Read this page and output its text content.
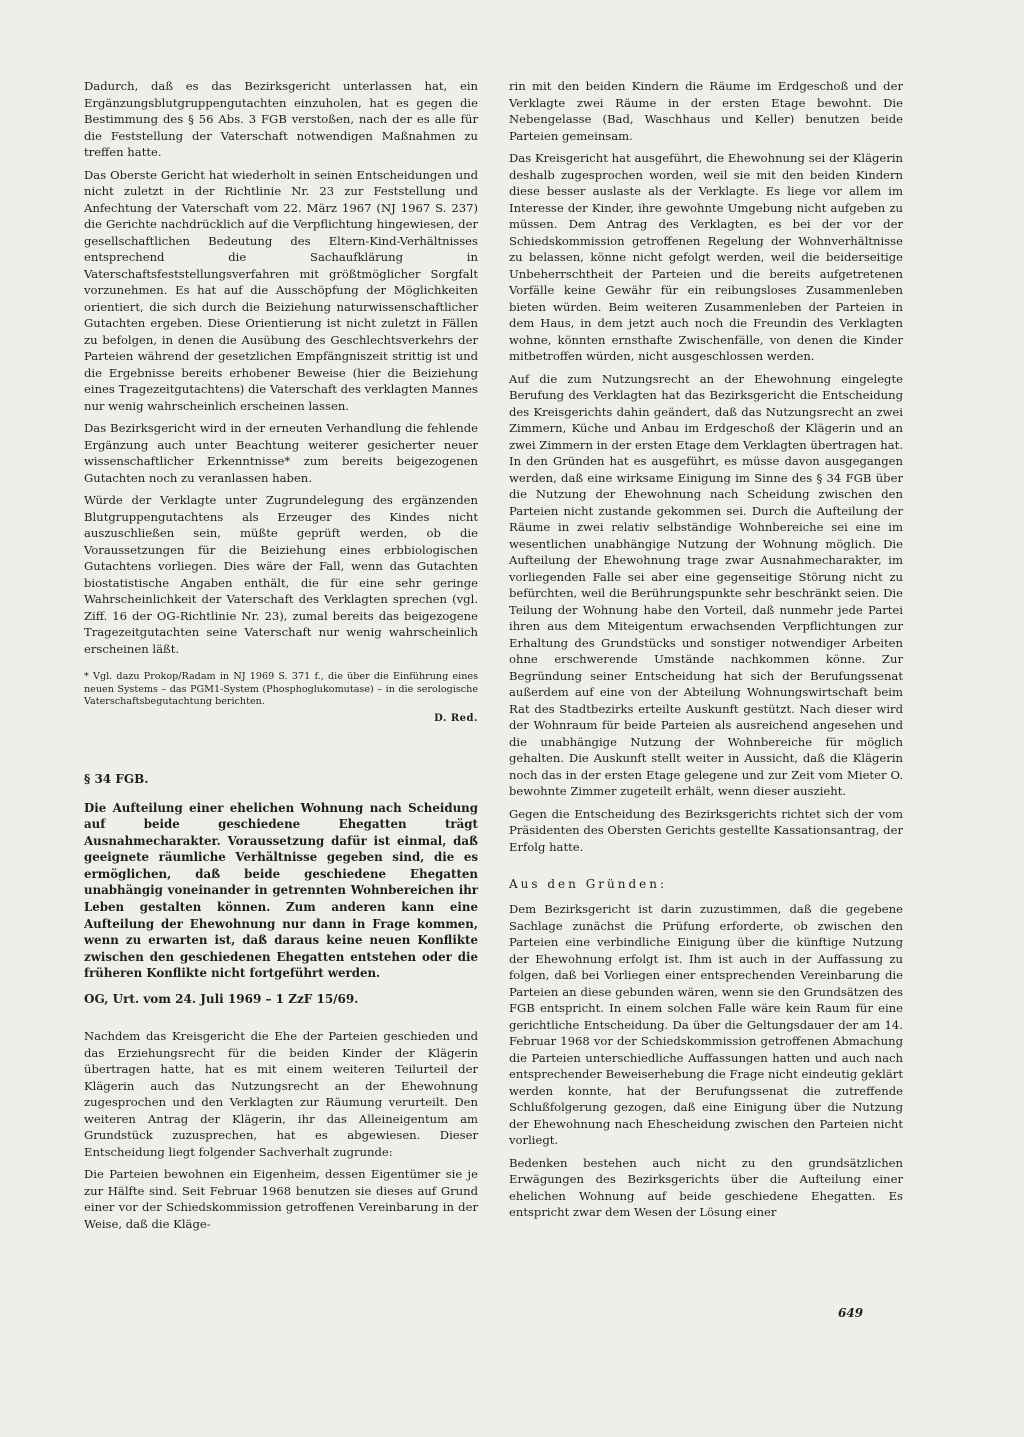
Dadurch, daß es das Bezirksgericht unterlassen hat, ein Ergänzungsblutgruppengutachten einzuholen, hat es gegen die Bestimmung des § 56 Abs. 3 FGB verstoßen, nach der es alle für die Feststellung der Vaterschaft notwendigen Maßnahmen zu treffen hatte.

Das Oberste Gericht hat wiederholt in seinen Entscheidungen und nicht zuletzt in der Richtlinie Nr. 23 zur Feststellung und Anfechtung der Vaterschaft vom 22. März 1967 (NJ 1967 S. 237) die Gerichte nachdrücklich auf die Verpflichtung hingewiesen, der gesellschaftlichen Bedeutung des Eltern-Kind-Verhältnisses entsprechend die Sachaufklärung in Vaterschaftsfeststellungsverfahren mit größtmöglicher Sorgfalt vorzunehmen. Es hat auf die Ausschöpfung der Möglichkeiten orientiert, die sich durch die Beiziehung naturwissenschaftlicher Gutachten ergeben. Diese Orientierung ist nicht zuletzt in Fällen zu befolgen, in denen die Ausübung des Geschlechtsverkehrs der Parteien während der gesetzlichen Empfängniszeit strittig ist und die Ergebnisse bereits erhobener Beweise (hier die Beiziehung eines Tragezeitgutachtens) die Vaterschaft des verklagten Mannes nur wenig wahrscheinlich erscheinen lassen.

Das Bezirksgericht wird in der erneuten Verhandlung die fehlende Ergänzung auch unter Beachtung weiterer gesicherter neuer wissenschaftlicher Erkenntnisse* zum bereits beigezogenen Gutachten noch zu veranlassen haben.

Würde der Verklagte unter Zugrundelegung des ergänzenden Blutgruppengutachtens als Erzeuger des Kindes nicht auszuschließen sein, müßte geprüft werden, ob die Voraussetzungen für die Beiziehung eines erbbiologischen Gutachtens vorliegen. Dies wäre der Fall, wenn das Gutachten biostatistische Angaben enthält, die für eine sehr geringe Wahrscheinlichkeit der Vaterschaft des Verklagten sprechen (vgl. Ziff. 16 der OG-Richtlinie Nr. 23), zumal bereits das beigezogene Tragezeitgutachten seine Vaterschaft nur wenig wahrscheinlich erscheinen läßt.

* Vgl. dazu Prokop/Radam in NJ 1969 S. 371 f., die über die Einführung eines neuen Systems – das PGM1-System (Phosphoglukomutase) – in die serologische Vaterschaftsbegutachtung berichten.

D. Red.

§ 34 FGB.

Die Aufteilung einer ehelichen Wohnung nach Scheidung auf beide geschiedene Ehegatten trägt Ausnahmecharakter. Voraussetzung dafür ist einmal, daß geeignete räumliche Verhältnisse gegeben sind, die es ermöglichen, daß beide geschiedene Ehegatten unabhängig voneinander in getrennten Wohnbereichen ihr Leben gestalten können. Zum anderen kann eine Aufteilung der Ehewohnung nur dann in Frage kommen, wenn zu erwarten ist, daß daraus keine neuen Konflikte zwischen den geschiedenen Ehegatten entstehen oder die früheren Konflikte nicht fortgeführt werden.

OG, Urt. vom 24. Juli 1969 – 1 ZzF 15/69.

Nachdem das Kreisgericht die Ehe der Parteien geschieden und das Erziehungsrecht für die beiden Kinder der Klägerin übertragen hatte, hat es mit einem weiteren Teilurteil der Klägerin auch das Nutzungsrecht an der Ehewohnung zugesprochen und den Verklagten zur Räumung verurteilt. Den weiteren Antrag der Klägerin, ihr das Alleineigentum am Grundstück zuzusprechen, hat es abgewiesen. Dieser Entscheidung liegt folgender Sachverhalt zugrunde:

Die Parteien bewohnen ein Eigenheim, dessen Eigentümer sie je zur Hälfte sind. Seit Februar 1968 benutzen sie dieses auf Grund einer vor der Schiedskommission getroffenen Vereinbarung in der Weise, daß die Kläge-

rin mit den beiden Kindern die Räume im Erdgeschoß und der Verklagte zwei Räume in der ersten Etage bewohnt. Die Nebengelasse (Bad, Waschhaus und Keller) benutzen beide Parteien gemeinsam.

Das Kreisgericht hat ausgeführt, die Ehewohnung sei der Klägerin deshalb zugesprochen worden, weil sie mit den beiden Kindern diese besser auslaste als der Verklagte. Es liege vor allem im Interesse der Kinder, ihre gewohnte Umgebung nicht aufgeben zu müssen. Dem Antrag des Verklagten, es bei der vor der Schiedskommission getroffenen Regelung der Wohnverhältnisse zu belassen, könne nicht gefolgt werden, weil die beiderseitige Unbeherrschtheit der Parteien und die bereits aufgetretenen Vorfälle keine Gewähr für ein reibungsloses Zusammenleben bieten würden. Beim weiteren Zusammenleben der Parteien in dem Haus, in dem jetzt auch noch die Freundin des Verklagten wohne, könnten ernsthafte Zwischenfälle, von denen die Kinder mitbetroffen würden, nicht ausgeschlossen werden.

Auf die zum Nutzungsrecht an der Ehewohnung eingelegte Berufung des Verklagten hat das Bezirksgericht die Entscheidung des Kreisgerichts dahin geändert, daß das Nutzungsrecht an zwei Zimmern, Küche und Anbau im Erdgeschoß der Klägerin und an zwei Zimmern in der ersten Etage dem Verklagten übertragen hat. In den Gründen hat es ausgeführt, es müsse davon ausgegangen werden, daß eine wirksame Einigung im Sinne des § 34 FGB über die Nutzung der Ehewohnung nach Scheidung zwischen den Parteien nicht zustande gekommen sei. Durch die Aufteilung der Räume in zwei relativ selbständige Wohnbereiche sei eine im wesentlichen unabhängige Nutzung der Wohnung möglich. Die Aufteilung der Ehewohnung trage zwar Ausnahmecharakter, im vorliegenden Falle sei aber eine gegenseitige Störung nicht zu befürchten, weil die Berührungspunkte sehr beschränkt seien. Die Teilung der Wohnung habe den Vorteil, daß nunmehr jede Partei ihren aus dem Miteigentum erwachsenden Verpflichtungen zur Erhaltung des Grundstücks und sonstiger notwendiger Arbeiten ohne erschwerende Umstände nachkommen könne. Zur Begründung seiner Entscheidung hat sich der Berufungssenat außerdem auf eine von der Abteilung Wohnungswirtschaft beim Rat des Stadtbezirks erteilte Auskunft gestützt. Nach dieser wird der Wohnraum für beide Parteien als ausreichend angesehen und die unabhängige Nutzung der Wohnbereiche für möglich gehalten. Die Auskunft stellt weiter in Aussicht, daß die Klägerin noch das in der ersten Etage gelegene und zur Zeit vom Mieter O. bewohnte Zimmer zugeteilt erhält, wenn dieser auszieht.

Gegen die Entscheidung des Bezirksgerichts richtet sich der vom Präsidenten des Obersten Gerichts gestellte Kassationsantrag, der Erfolg hatte.

Aus den Gründen:

Dem Bezirksgericht ist darin zuzustimmen, daß die gegebene Sachlage zunächst die Prüfung erforderte, ob zwischen den Parteien eine verbindliche Einigung über die künftige Nutzung der Ehewohnung erfolgt ist. Ihm ist auch in der Auffassung zu folgen, daß bei Vorliegen einer entsprechenden Vereinbarung die Parteien an diese gebunden wären, wenn sie den Grundsätzen des FGB entspricht. In einem solchen Falle wäre kein Raum für eine gerichtliche Entscheidung. Da über die Geltungsdauer der am 14. Februar 1968 vor der Schiedskommission getroffenen Abmachung die Parteien unterschiedliche Auffassungen hatten und auch nach entsprechender Beweiserhebung die Frage nicht eindeutig geklärt werden konnte, hat der Berufungssenat die zutreffende Schlußfolgerung gezogen, daß eine Einigung über die Nutzung der Ehewohnung nach Ehescheidung zwischen den Parteien nicht vorliegt.

Bedenken bestehen auch nicht zu den grundsätzlichen Erwägungen des Bezirksgerichts über die Aufteilung einer ehelichen Wohnung auf beide geschiedene Ehegatten. Es entspricht zwar dem Wesen der Lösung einer

649
